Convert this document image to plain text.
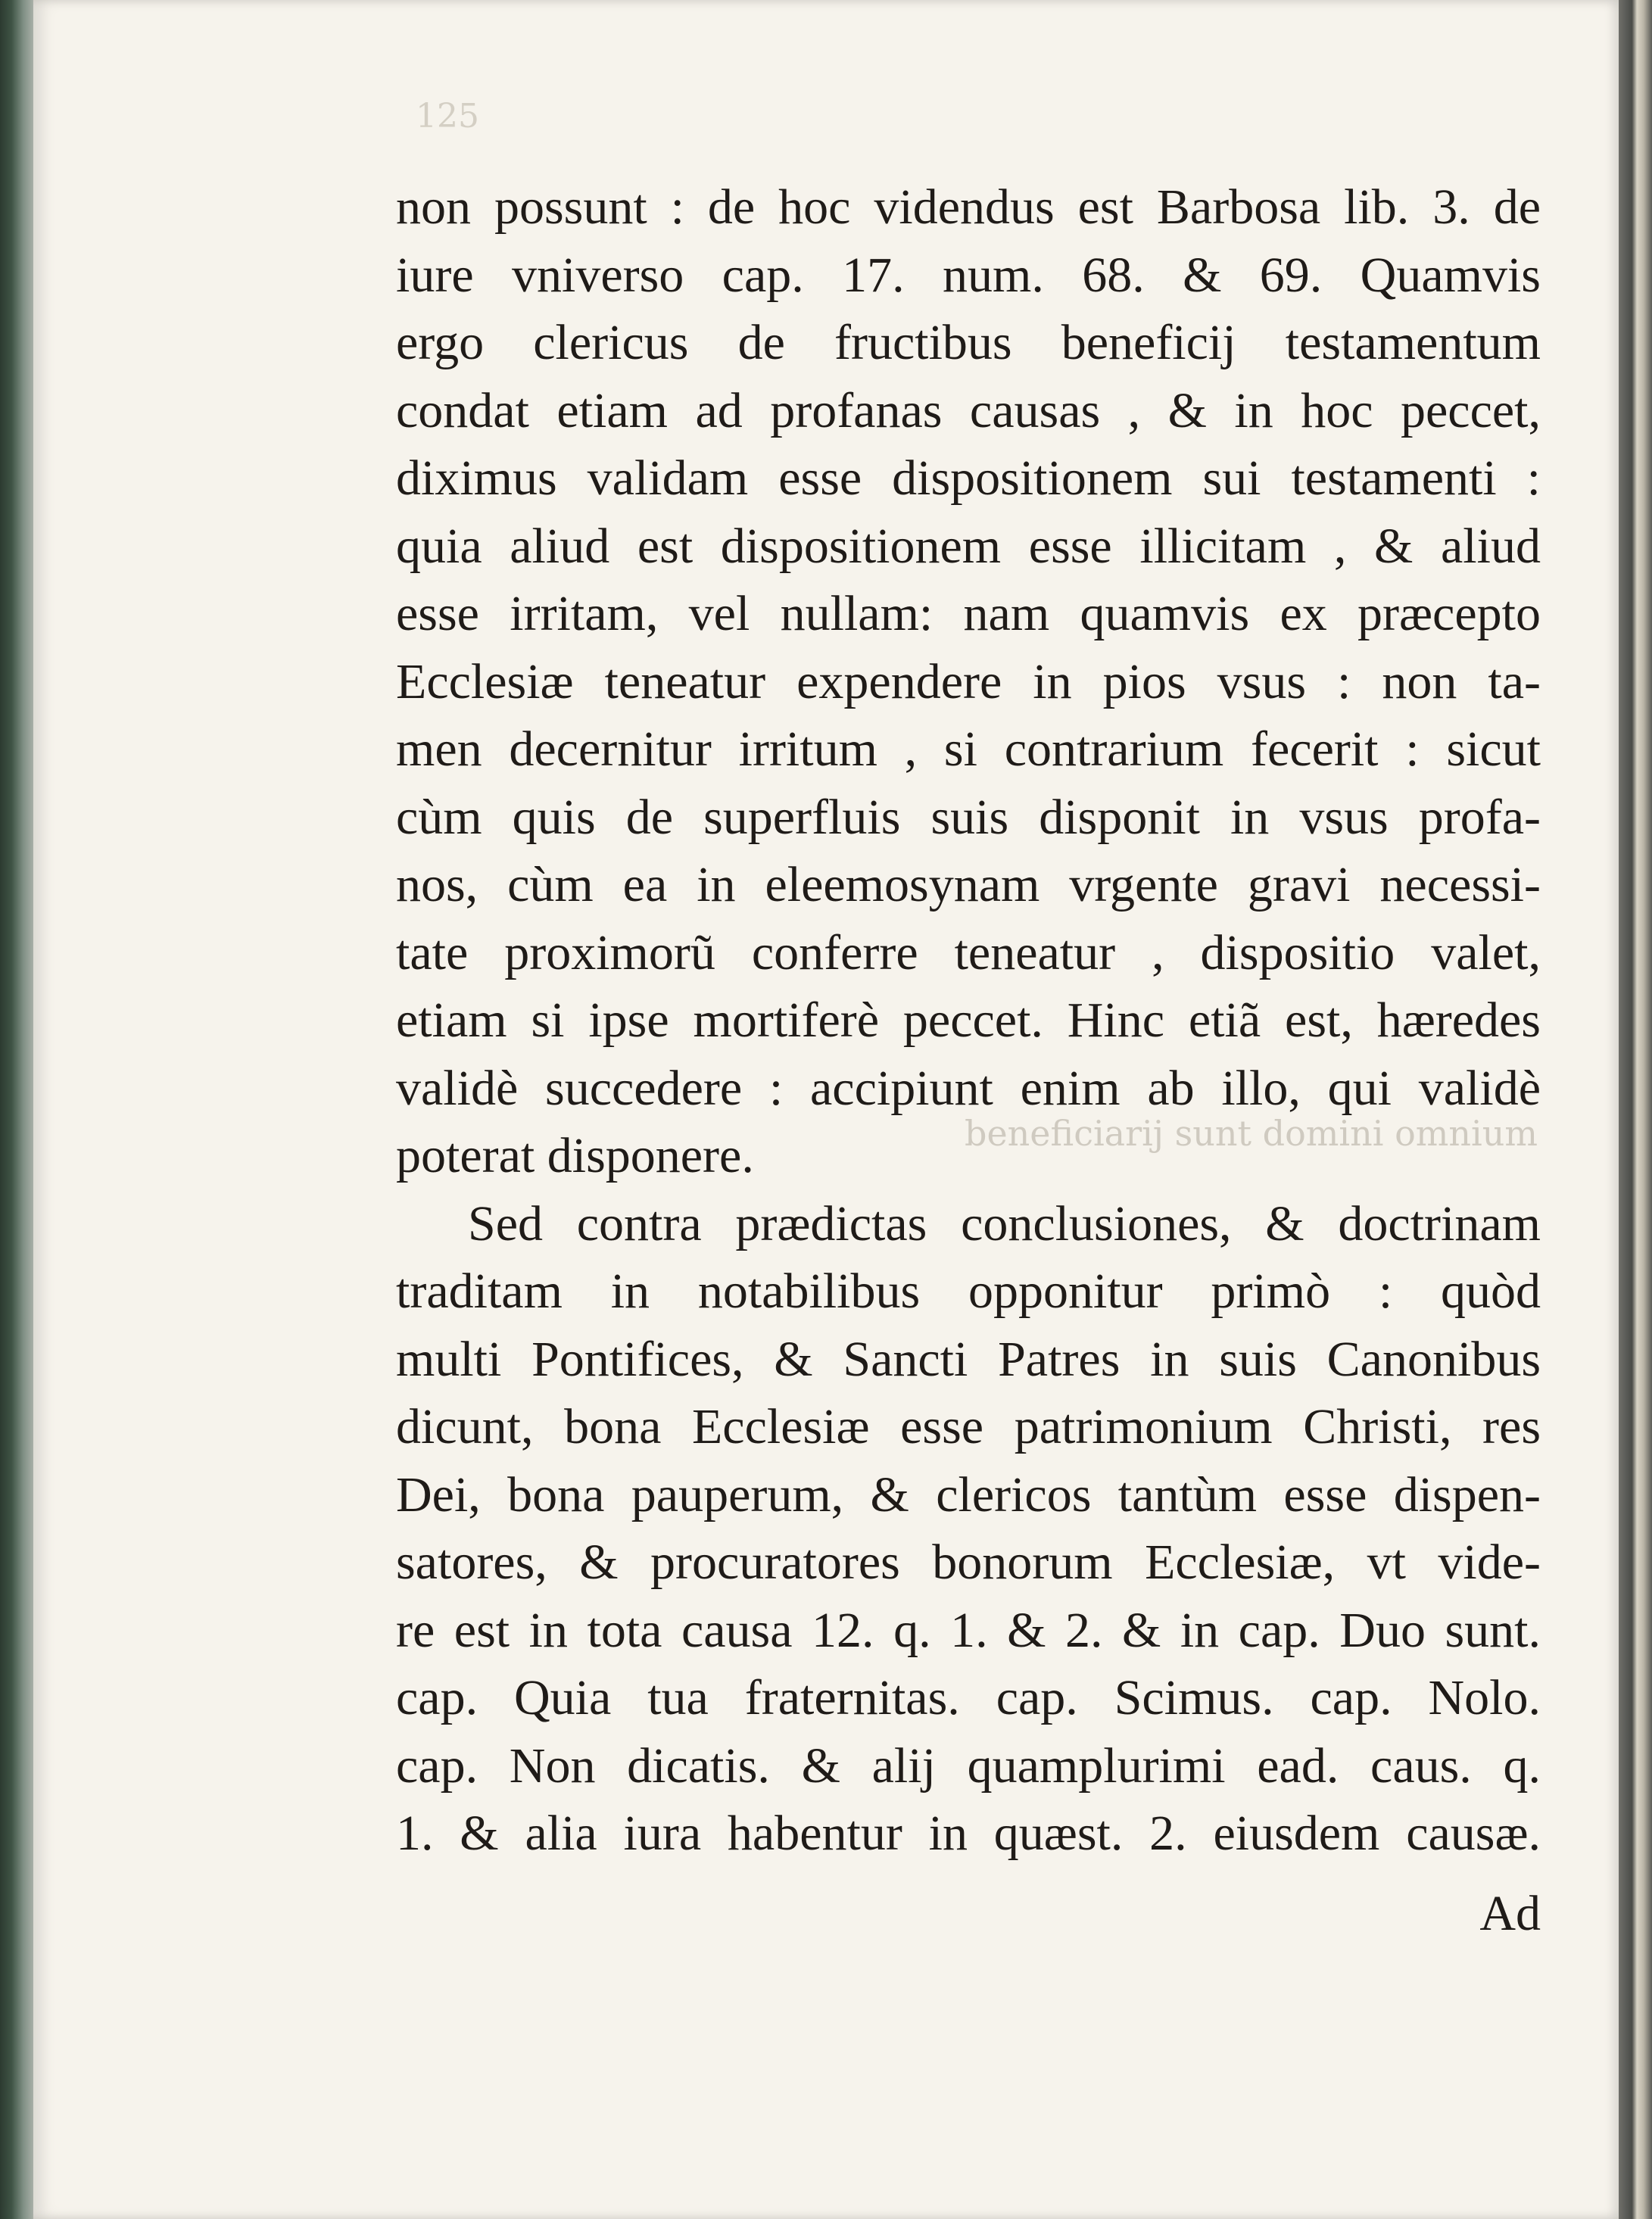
125
beneficiarij sunt domini omnium
non possunt : de hoc videndus est Barbosa lib. 3. de
iure vniverso cap. 17. num. 68. & 69. Quamvis
ergo clericus de fructibus beneficij testamentum
condat etiam ad profanas causas , & in hoc peccet,
diximus validam esse dispositionem sui testamenti :
quia aliud est dispositionem esse illicitam , & aliud
esse irritam, vel nullam: nam quamvis ex præcepto
Ecclesiæ teneatur expendere in pios vsus : non ta-
men decernitur irritum , si contrarium fecerit : sicut
cùm quis de superfluis suis disponit in vsus profa-
nos, cùm ea in eleemosynam vrgente gravi necessi-
tate proximorũ conferre teneatur , dispositio valet,
etiam si ipse mortiferè peccet. Hinc etiã est, hæredes
validè succedere : accipiunt enim ab illo, qui validè
poterat disponere.
Sed contra prædictas conclusiones, & doctrinam
traditam in notabilibus opponitur primò : quòd
multi Pontifices, & Sancti Patres in suis Canonibus
dicunt, bona Ecclesiæ esse patrimonium Christi, res
Dei, bona pauperum, & clericos tantùm esse dispen-
satores, & procuratores bonorum Ecclesiæ, vt vide-
re est in tota causa 12. q. 1. & 2. & in cap. Duo sunt.
cap. Quia tua fraternitas. cap. Scimus. cap. Nolo.
cap. Non dicatis. & alij quamplurimi ead. caus. q.
1. & alia iura habentur in quæst. 2. eiusdem causæ.
Ad
